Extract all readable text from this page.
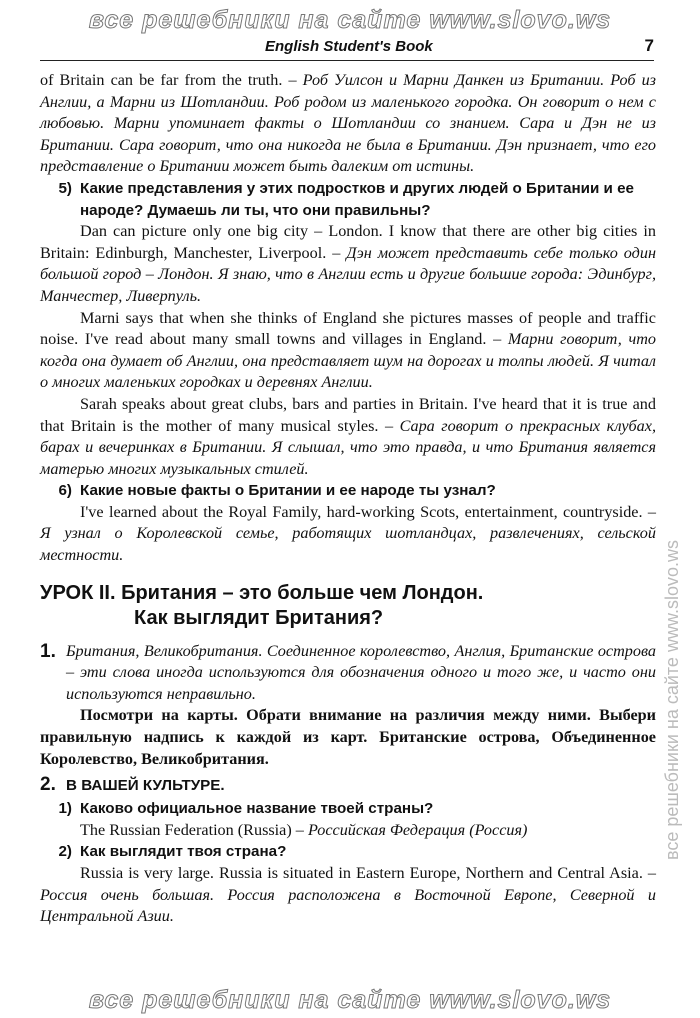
все решебники на сайте www.slovo.ws
English Student's Book	7
все решебники на сайте www.slovo.ws

of Britain can be far from the truth. – Роб Уилсон и Марни Данкен из Британии. Роб из Англии, а Марни из Шотландии. Роб родом из маленького городка. Он говорит о нем с любовью. Марни упоминает факты о Шотландии со знанием. Сара и Дэн не из Британии. Сара говорит, что она никогда не была в Британии. Дэн признает, что его представление о Британии может быть далеким от истины.

5) Какие представления у этих подростков и других людей о Британии и ее народе? Думаешь ли ты, что они правильны?

Dan can picture only one big city – London. I know that there are other big cities in Britain: Edinburgh, Manchester, Liverpool. – Дэн может представить себе только один большой город – Лондон. Я знаю, что в Англии есть и другие большие города: Эдинбург, Манчестер, Ливерпуль.

Marni says that when she thinks of England she pictures masses of people and traffic noise. I've read about many small towns and villages in England. – Марни говорит, что когда она думает об Англии, она представляет шум на дорогах и толпы людей. Я читал о многих маленьких городках и деревнях Англии.

Sarah speaks about great clubs, bars and parties in Britain. I've heard that it is true and that Britain is the mother of many musical styles. – Сара говорит о прекрасных клубах, барах и вечеринках в Британии. Я слышал, что это правда, и что Британия является матерью многих музыкальных стилей.

6) Какие новые факты о Британии и ее народе ты узнал?

I've learned about the Royal Family, hard-working Scots, entertainment, countryside. – Я узнал о Королевской семье, работящих шотландцах, развлечениях, сельской местности.

УРОК II. Британия – это больше чем Лондон.
Как выглядит Британия?
1. Британия, Великобритания. Соединенное королевство, Англия, Британские острова – эти слова иногда используются для обозначения одного и того же, и часто они используются неправильно.

Посмотри на карты. Обрати внимание на различия между ними. Выбери правильную надпись к каждой из карт. Британские острова, Объединенное Королевство, Великобритания.

2. В ВАШЕЙ КУЛЬТУРЕ.
1) Каково официальное название твоей страны?

The Russian Federation (Russia) – Российская Федерация (Россия)

2) Как выглядит твоя страна?

Russia is very large. Russia is situated in Eastern Europe, Northern and Central Asia. – Россия очень большая. Россия расположена в Восточной Европе, Северной и Центральной Азии.

все решебники на сайте www.slovo.ws
